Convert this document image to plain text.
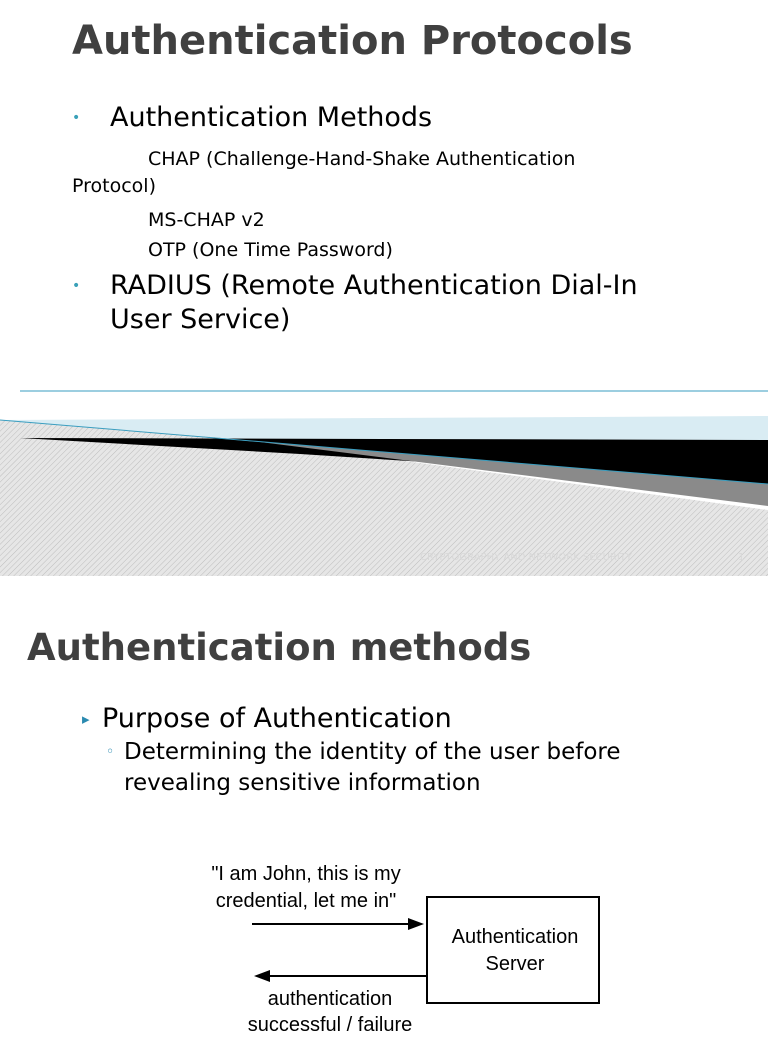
Authentication Protocols
• Authentication Methods
CHAP (Challenge-Hand-Shake Authentication
Protocol)
MS-CHAP v2
OTP (One Time Password)
• RADIUS (Remote Authentication Dial-In
User Service)
CRYPTOGRAPHY AND NETWORK SECURITY	1
Authentication methods
▸ Purpose of Authentication
◦ Determining the identity of the user before
revealing sensitive information
"I am John, this is my
credential, let me in"
Authentication
Server
authentication
successful / failure
